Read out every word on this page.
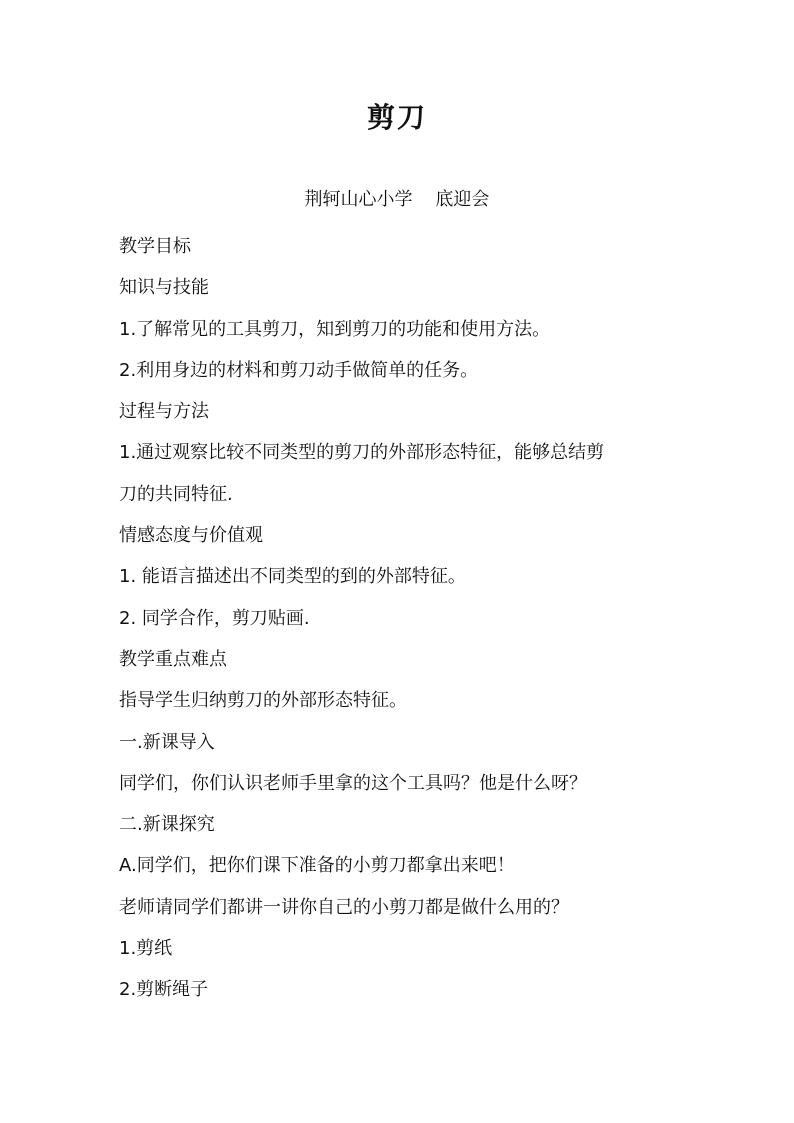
剪刀
荆轲山心小学    底迎会

教学目标

知识与技能

1.了解常见的工具剪刀，知到剪刀的功能和使用方法。

2.利用身边的材料和剪刀动手做简单的任务。

过程与方法

1.通过观察比较不同类型的剪刀的外部形态特征，能够总结剪

刀的共同特征.

情感态度与价值观

1. 能语言描述出不同类型的到的外部特征。

2. 同学合作，剪刀贴画.

教学重点难点

指导学生归纳剪刀的外部形态特征。

一.新课导入

同学们，你们认识老师手里拿的这个工具吗？他是什么呀？

二.新课探究

A.同学们，把你们课下准备的小剪刀都拿出来吧！

老师请同学们都讲一讲你自己的小剪刀都是做什么用的？

1.剪纸

2.剪断绳子
